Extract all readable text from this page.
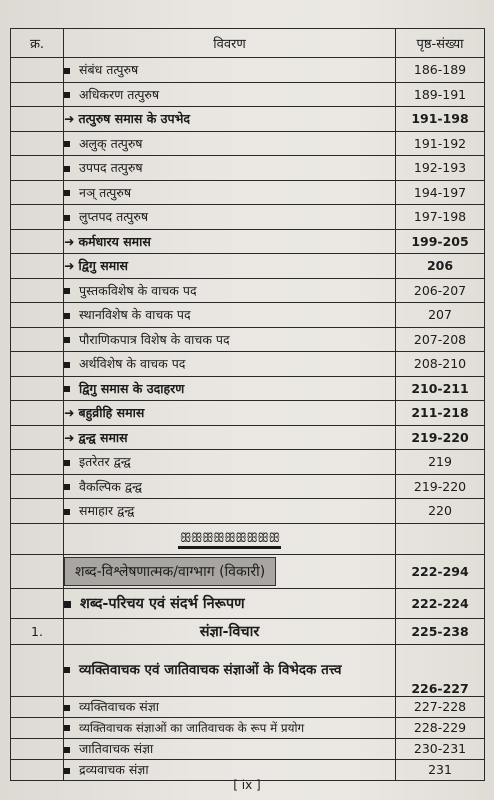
क्र.	विवरण	पृष्ठ-संख्या
	संबंध तत्पुरुष	186-189
	अधिकरण तत्पुरुष	189-191
	➜ तत्पुरुष समास के उपभेद	191-198
	अलुक् तत्पुरुष	191-192
	उपपद तत्पुरुष	192-193
	नञ् तत्पुरुष	194-197
	लुप्तपद तत्पुरुष	197-198
	➜ कर्मधारय समास	199-205
	➜ द्विगु समास	206
	पुस्तकविशेष के वाचक पद	206-207
	स्थानविशेष के वाचक पद	207
	पौराणिकपात्र विशेष के वाचक पद	207-208
	अर्थविशेष के वाचक पद	208-210
	द्विगु समास के उदाहरण	210-211
	➜ बहुव्रीहि समास	211-218
	➜ द्वन्द्व समास	219-220
	इतरेतर द्वन्द्व	219
	वैकल्पिक द्वन्द्व	219-220
	समाहार द्वन्द्व	220
	ꕥꕥꕥꕥꕥꕥꕥꕥꕥ	
	शब्द-विश्लेषणात्मक/वाग्भाग (विकारी)	222-294
	शब्द-परिचय एवं संदर्भ निरूपण	222-224
1.	संज्ञा-विचार	225-238
	व्यक्तिवाचक एवं जातिवाचक संज्ञाओं के विभेदक तत्त्व	226-227
	व्यक्तिवाचक संज्ञा	227-228
	व्यक्तिवाचक संज्ञाओं का जातिवाचक के रूप में प्रयोग	228-229
	जातिवाचक संज्ञा	230-231
	द्रव्यवाचक संज्ञा	231
[ ix ]
